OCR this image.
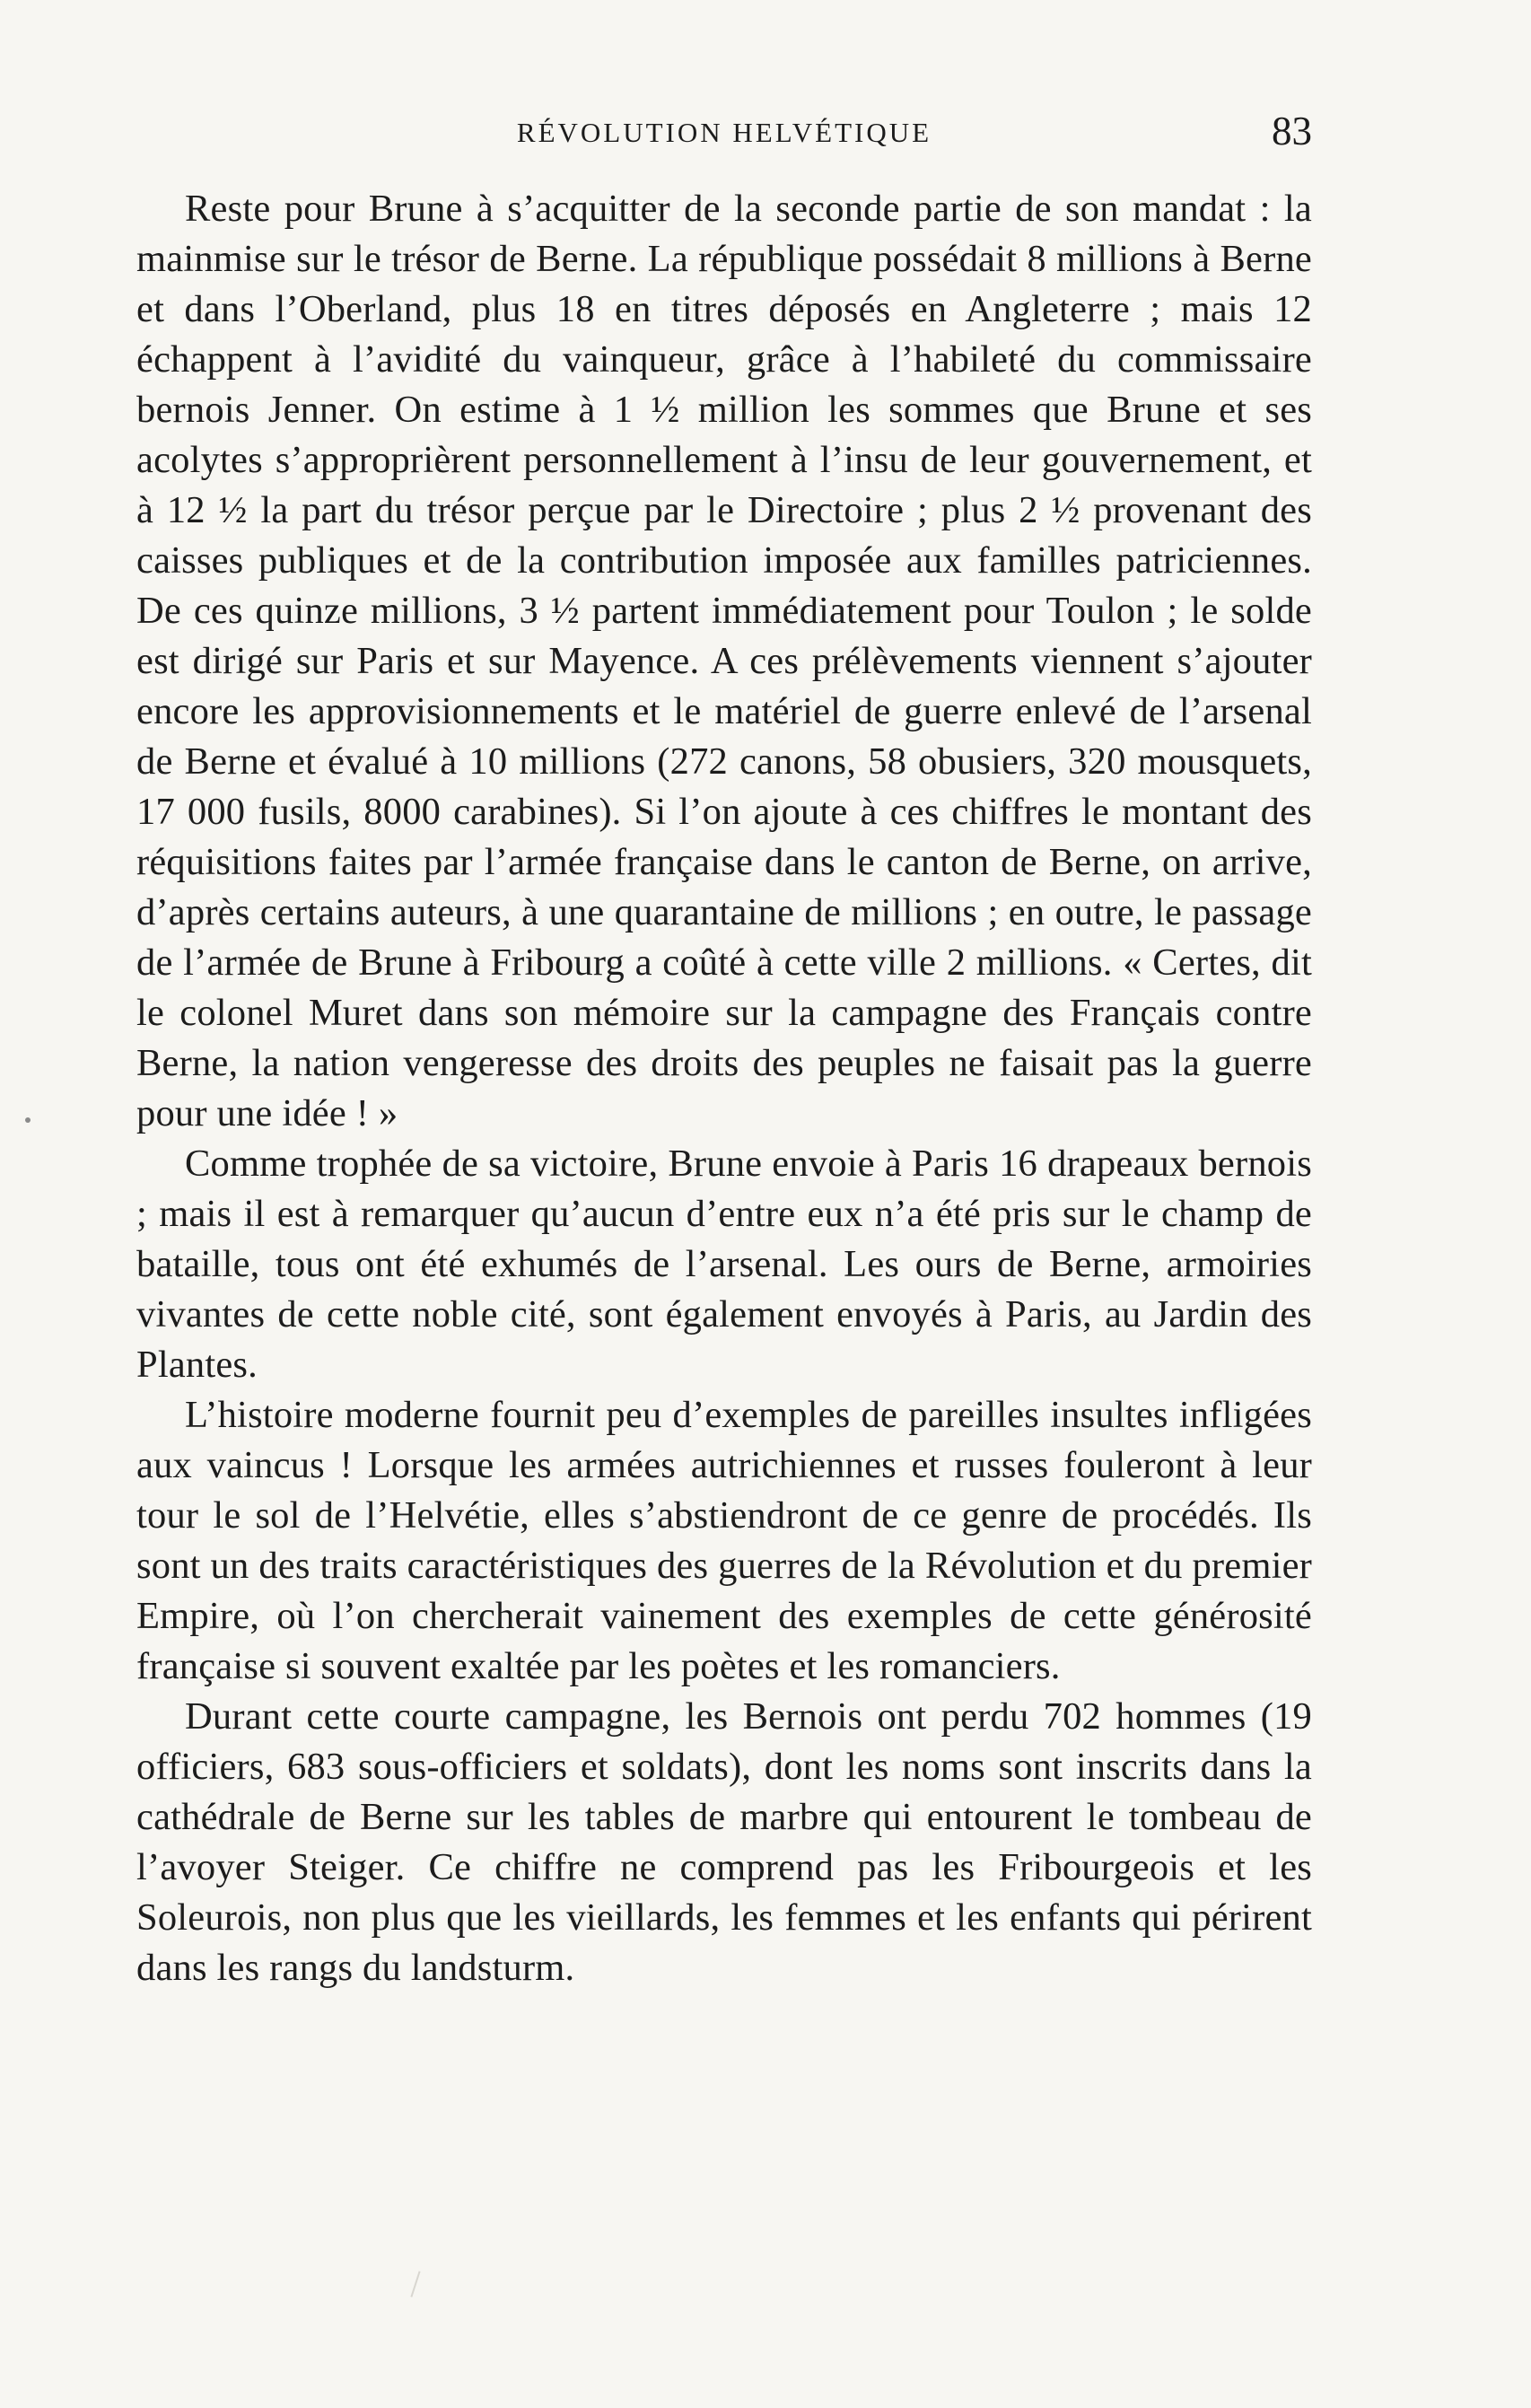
RÉVOLUTION HELVÉTIQUE	83

Reste pour Brune à s’acquitter de la seconde partie de son mandat : la mainmise sur le trésor de Berne. La république possédait 8 millions à Berne et dans l’Oberland, plus 18 en titres déposés en Angleterre ; mais 12 échappent à l’avidité du vainqueur, grâce à l’habileté du commissaire bernois Jenner. On estime à 1 ½ million les sommes que Brune et ses acolytes s’approprièrent personnellement à l’insu de leur gouvernement, et à 12 ½ la part du trésor perçue par le Directoire ; plus 2 ½ provenant des caisses publiques et de la contribution imposée aux familles patriciennes. De ces quinze millions, 3 ½ partent immédiatement pour Toulon ; le solde est dirigé sur Paris et sur Mayence. A ces prélèvements viennent s’ajouter encore les approvisionnements et le matériel de guerre enlevé de l’arsenal de Berne et évalué à 10 millions (272 canons, 58 obusiers, 320 mousquets, 17 000 fusils, 8000 carabines). Si l’on ajoute à ces chiffres le montant des réquisitions faites par l’armée française dans le canton de Berne, on arrive, d’après certains auteurs, à une quarantaine de millions ; en outre, le passage de l’armée de Brune à Fribourg a coûté à cette ville 2 millions. « Certes, dit le colonel Muret dans son mémoire sur la campagne des Français contre Berne, la nation vengeresse des droits des peuples ne faisait pas la guerre pour une idée ! »

Comme trophée de sa victoire, Brune envoie à Paris 16 drapeaux bernois ; mais il est à remarquer qu’aucun d’entre eux n’a été pris sur le champ de bataille, tous ont été exhumés de l’arsenal. Les ours de Berne, armoiries vivantes de cette noble cité, sont également envoyés à Paris, au Jardin des Plantes.

L’histoire moderne fournit peu d’exemples de pareilles insultes infligées aux vaincus ! Lorsque les armées autrichiennes et russes fouleront à leur tour le sol de l’Helvétie, elles s’abstiendront de ce genre de procédés. Ils sont un des traits caractéristiques des guerres de la Révolution et du premier Empire, où l’on chercherait vainement des exemples de cette générosité française si souvent exaltée par les poètes et les romanciers.

Durant cette courte campagne, les Bernois ont perdu 702 hommes (19 officiers, 683 sous-officiers et soldats), dont les noms sont inscrits dans la cathédrale de Berne sur les tables de marbre qui entourent le tombeau de l’avoyer Steiger. Ce chiffre ne comprend pas les Fribourgeois et les Soleurois, non plus que les vieillards, les femmes et les enfants qui périrent dans les rangs du landsturm.
